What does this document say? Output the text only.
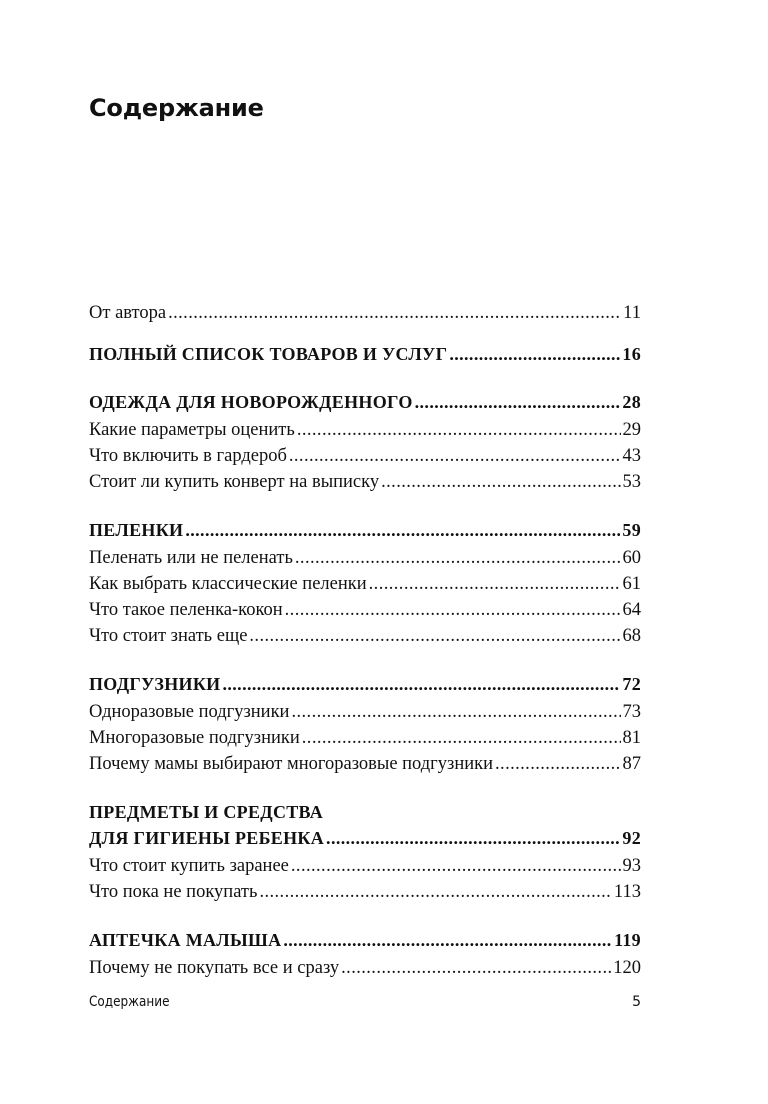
Содержание
От автора .....	11
ПОЛНЫЙ СПИСОК ТОВАРОВ И УСЛУГ .....	16
ОДЕЖДА ДЛЯ НОВОРОЖДЕННОГО .....	28
Какие параметры оценить .....	29
Что включить в гардероб .....	43
Стоит ли купить конверт на выписку .....	53
ПЕЛЕНКИ .....	59
Пеленать или не пеленать .....	60
Как выбрать классические пеленки .....	61
Что такое пеленка-кокон .....	64
Что стоит знать еще .....	68
ПОДГУЗНИКИ .....	72
Одноразовые подгузники .....	73
Многоразовые подгузники .....	81
Почему мамы выбирают многоразовые подгузники .....	87
ПРЕДМЕТЫ И СРЕДСТВА
ДЛЯ ГИГИЕНЫ РЕБЕНКА .....	92
Что стоит купить заранее .....	93
Что пока не покупать .....	113
АПТЕЧКА МАЛЫША .....	119
Почему не покупать все и сразу .....	120
Содержание	5
